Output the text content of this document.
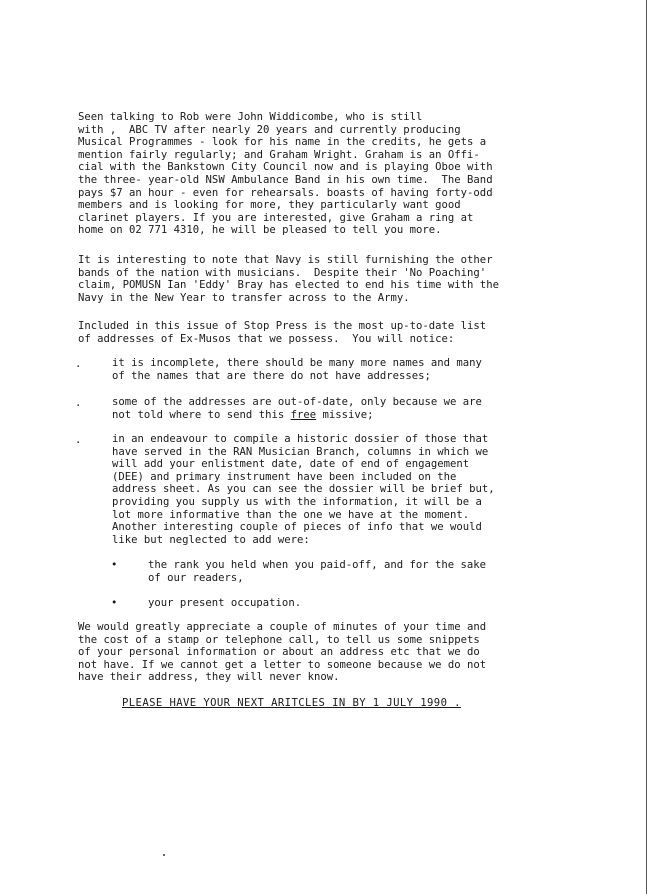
Seen talking to Rob were John Widdicombe, who is still
with ,  ABC TV after nearly 20 years and currently producing
Musical Programmes - look for his name in the credits, he gets a
mention fairly regularly; and Graham Wright. Graham is an Offi-
cial with the Bankstown City Council now and is playing Oboe with
the three- year-old NSW Ambulance Band in his own time.  The Band
pays $7 an hour - even for rehearsals. boasts of having forty-odd
members and is looking for more, they particularly want good
clarinet players. If you are interested, give Graham a ring at
home on 02 771 4310, he will be pleased to tell you more.

It is interesting to note that Navy is still furnishing the other
bands of the nation with musicians.  Despite their 'No Poaching'
claim, POMUSN Ian 'Eddy' Bray has elected to end his time with the
Navy in the New Year to transfer across to the Army.

Included in this issue of Stop Press is the most up-to-date list
of addresses of Ex-Musos that we possess.  You will notice:

.	it is incomplete, there should be many more names and many
of the names that are there do not have addresses;

.	some of the addresses are out-of-date, only because we are
not told where to send this free missive;

.	in an endeavour to compile a historic dossier of those that
have served in the RAN Musician Branch, columns in which we
will add your enlistment date, date of end of engagement
(DEE) and primary instrument have been included on the
address sheet. As you can see the dossier will be brief but,
providing you supply us with the information, it will be a
lot more informative than the one we have at the moment.
Another interesting couple of pieces of info that we would
like but neglected to add were:

•	the rank you held when you paid-off, and for the sake
of our readers,

•	your present occupation.

We would greatly appreciate a couple of minutes of your time and
the cost of a stamp or telephone call, to tell us some snippets
of your personal information or about an address etc that we do
not have. If we cannot get a letter to someone because we do not
have their address, they will never know.

PLEASE HAVE YOUR NEXT ARITCLES IN BY 1 JULY 1990 .
